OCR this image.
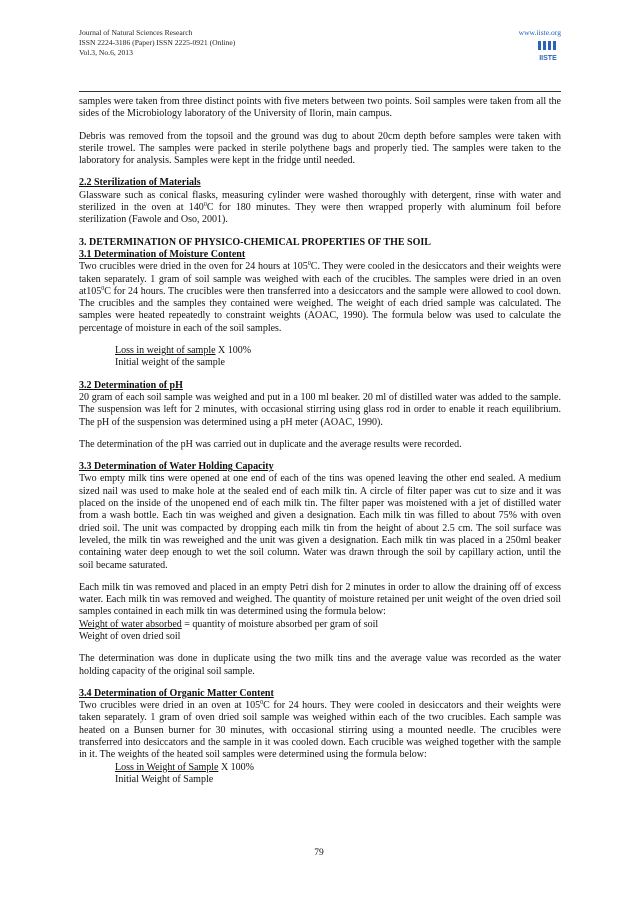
Journal of Natural Sciences Research
ISSN 2224-3186 (Paper) ISSN 2225-0921 (Online)
Vol.3, No.6, 2013
www.iiste.org
IISTE

samples were taken from three distinct points with five meters between two points. Soil samples were taken from all the sides of the Microbiology laboratory of the University of Ilorin, main campus.

Debris was removed from the topsoil and the ground was dug to about 20cm depth before samples were taken with sterile trowel. The samples were packed in sterile polythene bags and properly tied. The samples were taken to the laboratory for analysis. Samples were kept in the fridge until needed.

2.2 Sterilization of Materials

Glassware such as conical flasks, measuring cylinder were washed thoroughly with detergent, rinse with water and sterilized in the oven at $140^0C$ for 180 minutes. They were then wrapped properly with aluminum foil before sterilization (Fawole and Oso, 2001).

3. DETERMINATION OF PHYSICO-CHEMICAL PROPERTIES OF THE SOIL
3.1 Determination of Moisture Content

Two crucibles were dried in the oven for 24 hours at $105^0C$. They were cooled in the desiccators and their weights were taken separately. 1 gram of soil sample was weighed with each of the crucibles. The samples were dried in an oven $at105^0C$ for 24 hours. The crucibles were then transferred into a desiccators and the sample were allowed to cool down. The crucibles and the samples they contained were weighed. The weight of each dried sample was calculated. The samples were heated repeatedly to constraint weights (AOAC, 1990). The formula below was used to calculate the percentage of moisture in each of the soil samples.

Loss in weight of sample X 100%
Initial weight of the sample
3.2 Determination of pH

20 gram of each soil sample was weighed and put in a 100 ml beaker. 20 ml of distilled water was added to the sample. The suspension was left for 2 minutes, with occasional stirring using glass rod in order to enable it reach equilibrium. The pH of the suspension was determined using a pH meter (AOAC, 1990).

The determination of the pH was carried out in duplicate and the average results were recorded.

3.3 Determination of Water Holding Capacity

Two empty milk tins were opened at one end of each of the tins was opened leaving the other end sealed. A medium sized nail was used to make hole at the sealed end of each milk tin. A circle of filter paper was cut to size and it was placed on the inside of the unopened end of each milk tin. The filter paper was moistened with a jet of distilled water from a wash bottle. Each tin was weighed and given a designation. Each milk tin was filled to about 75% with oven dried soil. The unit was compacted by dropping each milk tin from the height of about 2.5 cm. The soil surface was leveled, the milk tin was reweighed and the unit was given a designation. Each milk tin was placed in a 250ml beaker containing water deep enough to wet the soil column. Water was drawn through the soil by capillary action, until the soil became saturated.

Each milk tin was removed and placed in an empty Petri dish for 2 minutes in order to allow the draining off of excess water. Each milk tin was removed and weighed. The quantity of moisture retained per unit weight of the oven dried soil samples contained in each milk tin was determined using the formula below:

Weight of water absorbed = quantity of moisture absorbed per gram of soil
Weight of oven dried soil

The determination was done in duplicate using the two milk tins and the average value was recorded as the water holding capacity of the original soil sample.

3.4 Determination of Organic Matter Content

Two crucibles were dried in an oven at $105^0C$ for 24 hours. They were cooled in desiccators and their weights were taken separately. 1 gram of oven dried soil sample was weighed within each of the two crucibles. Each sample was heated on a Bunsen burner for 30 minutes, with occasional stirring using a mounted needle. The crucibles were transferred into desiccators and the sample in it was cooled down. Each crucible was weighed together with the sample in it. The weights of the heated soil samples were determined using the formula below:

Loss in Weight of Sample X 100%
Initial Weight of Sample
79
